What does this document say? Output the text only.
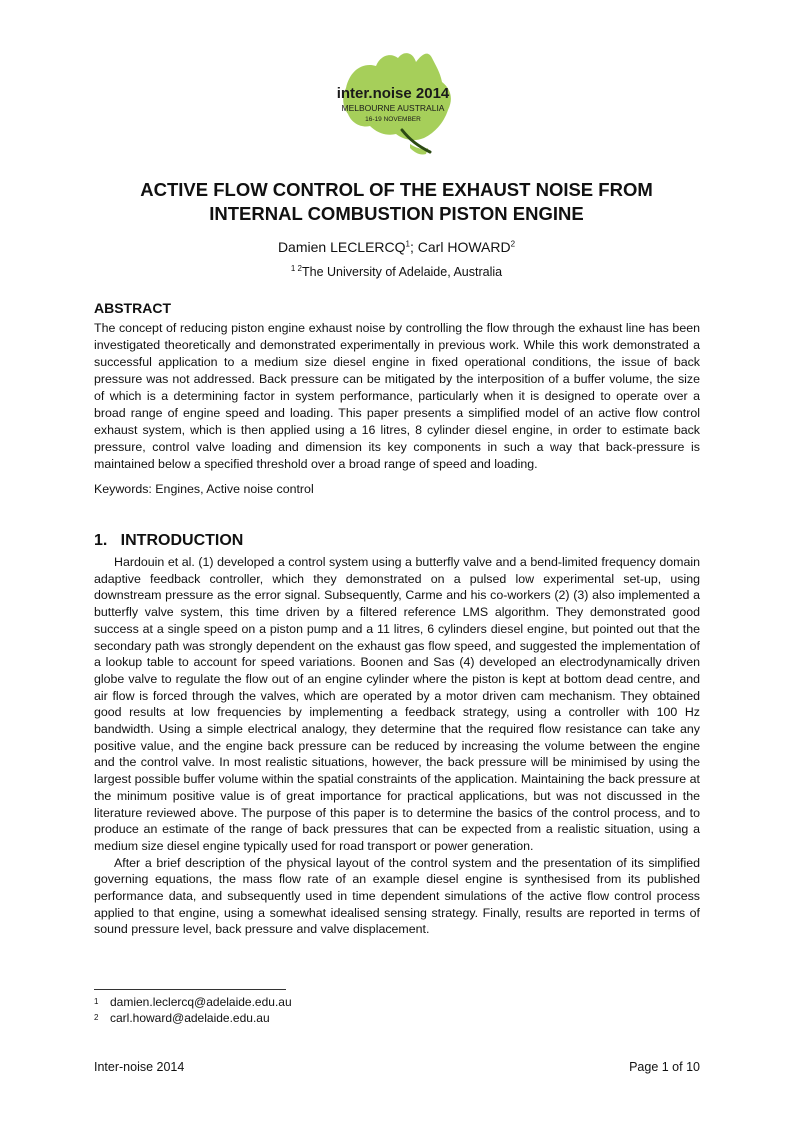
inter.noise 2014
MELBOURNE AUSTRALIA
16-19 NOVEMBER
ACTIVE FLOW CONTROL OF THE EXHAUST NOISE FROM
INTERNAL COMBUSTION PISTON ENGINE
Damien LECLERCQ$^1$; Carl HOWARD$^2$
$^{1 2}$The University of Adelaide, Australia
ABSTRACT

The concept of reducing piston engine exhaust noise by controlling the flow through the exhaust line has been investigated theoretically and demonstrated experimentally in previous work. While this work demonstrated a successful application to a medium size diesel engine in fixed operational conditions, the issue of back pressure was not addressed. Back pressure can be mitigated by the interposition of a buffer volume, the size of which is a determining factor in system performance, particularly when it is designed to operate over a broad range of engine speed and loading. This paper presents a simplified model of an active flow control exhaust system, which is then applied using a 16 litres, 8 cylinder diesel engine, in order to estimate back pressure, control valve loading and dimension its key components in such a way that back-pressure is maintained below a specified threshold over a broad range of speed and loading.

Keywords: Engines, Active noise control
1.   INTRODUCTION

Hardouin et al. (1) developed a control system using a butterfly valve and a bend-limited frequency domain adaptive feedback controller, which they demonstrated on a pulsed low experimental set-up, using downstream pressure as the error signal. Subsequently, Carme and his co-workers (2) (3) also implemented a butterfly valve system, this time driven by a filtered reference LMS algorithm. They demonstrated good success at a single speed on a piston pump and a 11 litres, 6 cylinders diesel engine, but pointed out that the secondary path was strongly dependent on the exhaust gas flow speed, and suggested the implementation of a lookup table to account for speed variations. Boonen and Sas (4) developed an electrodynamically driven globe valve to regulate the flow out of an engine cylinder where the piston is kept at bottom dead centre, and air flow is forced through the valves, which are operated by a motor driven cam mechanism. They obtained good results at low frequencies by implementing a feedback strategy, using a controller with 100 Hz bandwidth. Using a simple electrical analogy, they determine that the required flow resistance can take any positive value, and the engine back pressure can be reduced by increasing the volume between the engine and the control valve. In most realistic situations, however, the back pressure will be minimised by using the largest possible buffer volume within the spatial constraints of the application. Maintaining the back pressure at the minimum positive value is of great importance for practical applications, but was not discussed in the literature reviewed above. The purpose of this paper is to determine the basics of the control process, and to produce an estimate of the range of back pressures that can be expected from a realistic situation, using a medium size diesel engine typically used for road transport or power generation.

After a brief description of the physical layout of the control system and the presentation of its simplified governing equations, the mass flow rate of an example diesel engine is synthesised from its published performance data, and subsequently used in time dependent simulations of the active flow control process applied to that engine, using a somewhat idealised sensing strategy. Finally, results are reported in terms of sound pressure level, back pressure and valve displacement.

1 damien.leclercq@adelaide.edu.au
2 carl.howard@adelaide.edu.au
Inter-noise 2014	Page 1 of 10
